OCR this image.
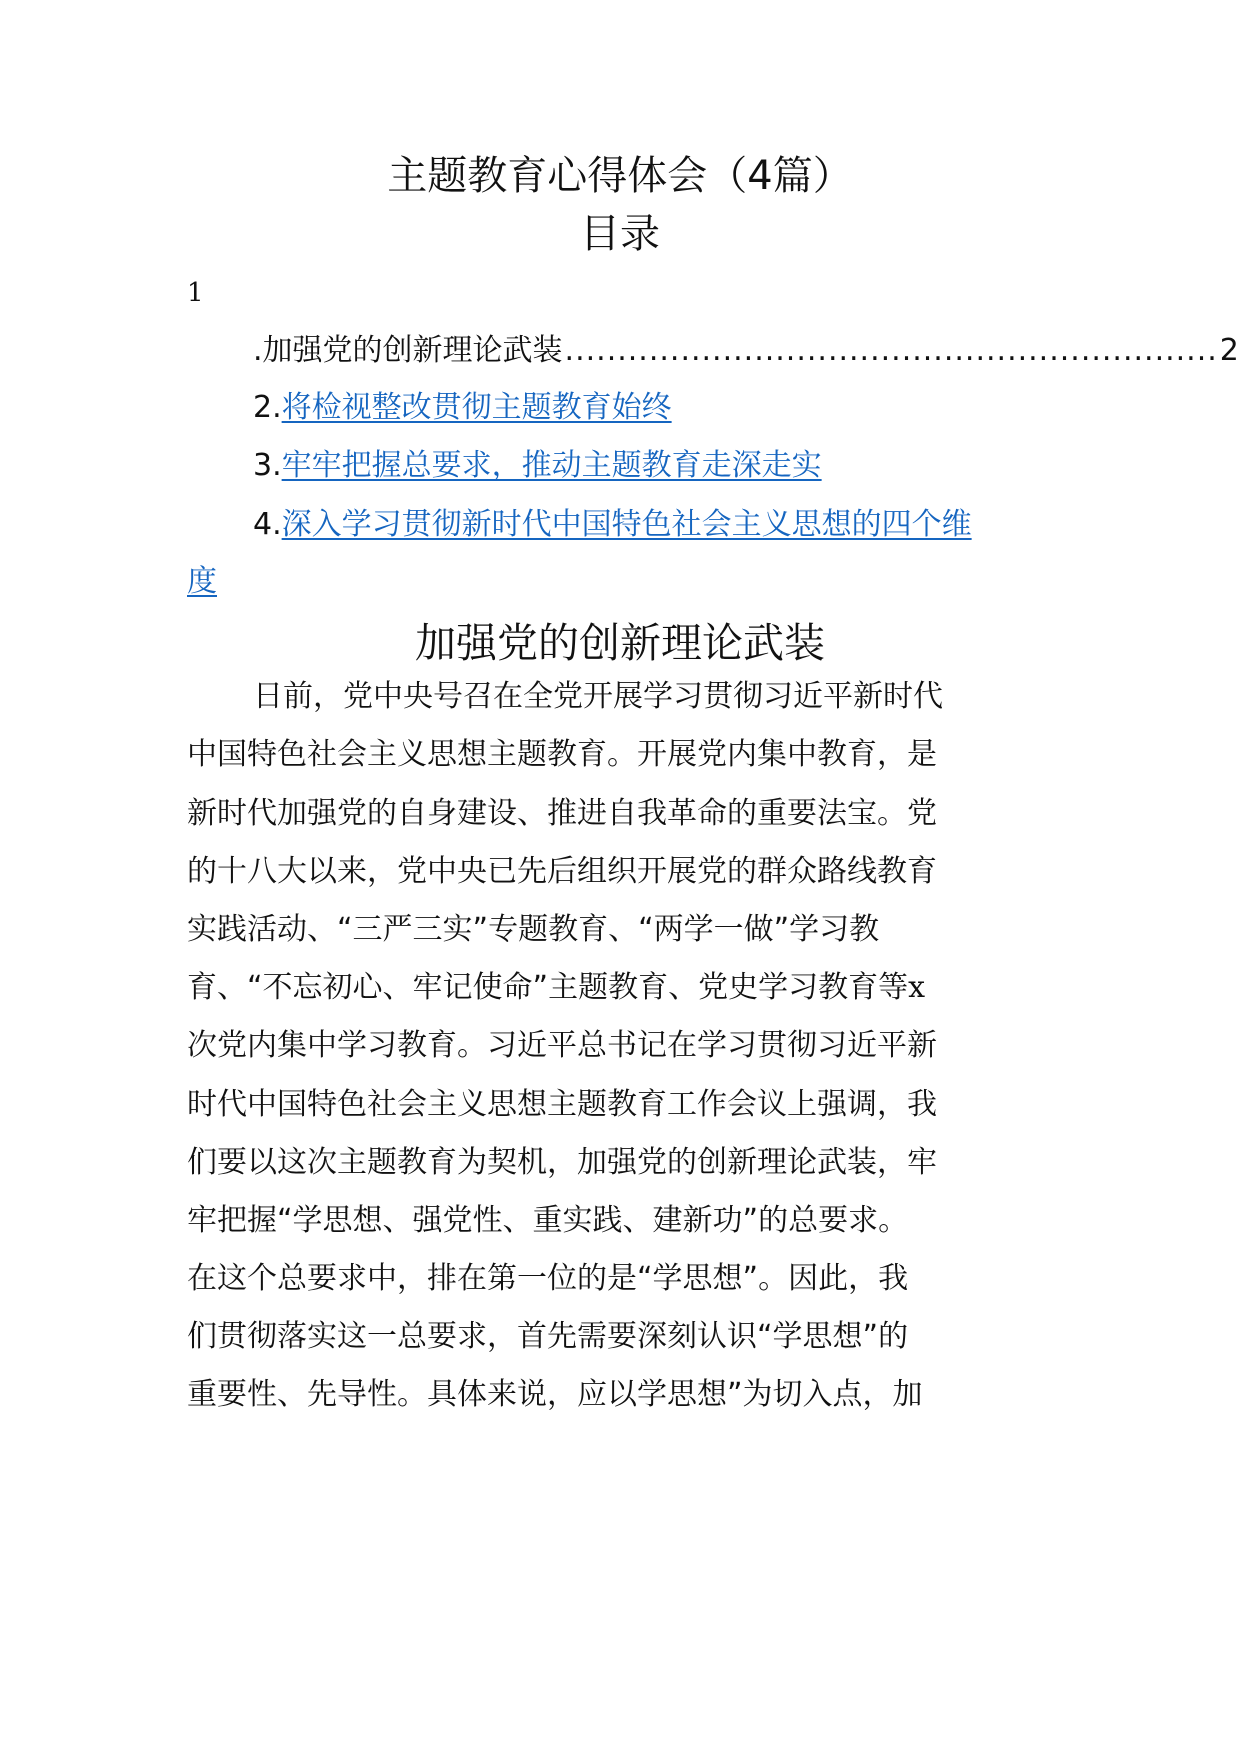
主题教育心得体会（4篇）
目录
1
.加强党的创新理论武装 .............................................................. 2
2.将检视整改贯彻主题教育始终
3.牢牢把握总要求，推动主题教育走深走实
4.深入学习贯彻新时代中国特色社会主义思想的四个维
度
加强党的创新理论武装
日前，党中央号召在全党开展学习贯彻习近平新时代
中国特色社会主义思想主题教育。开展党内集中教育，是
新时代加强党的自身建设、推进自我革命的重要法宝。党
的十八大以来，党中央已先后组织开展党的群众路线教育
实践活动、“三严三实”专题教育、“两学一做”学习教
育、“不忘初心、牢记使命”主题教育、党史学习教育等x
次党内集中学习教育。习近平总书记在学习贯彻习近平新
时代中国特色社会主义思想主题教育工作会议上强调，我
们要以这次主题教育为契机，加强党的创新理论武装，牢
牢把握“学思想、强党性、重实践、建新功”的总要求。
在这个总要求中，排在第一位的是“学思想”。因此，我
们贯彻落实这一总要求，首先需要深刻认识“学思想”的
重要性、先导性。具体来说，应以学思想”为切入点，加
